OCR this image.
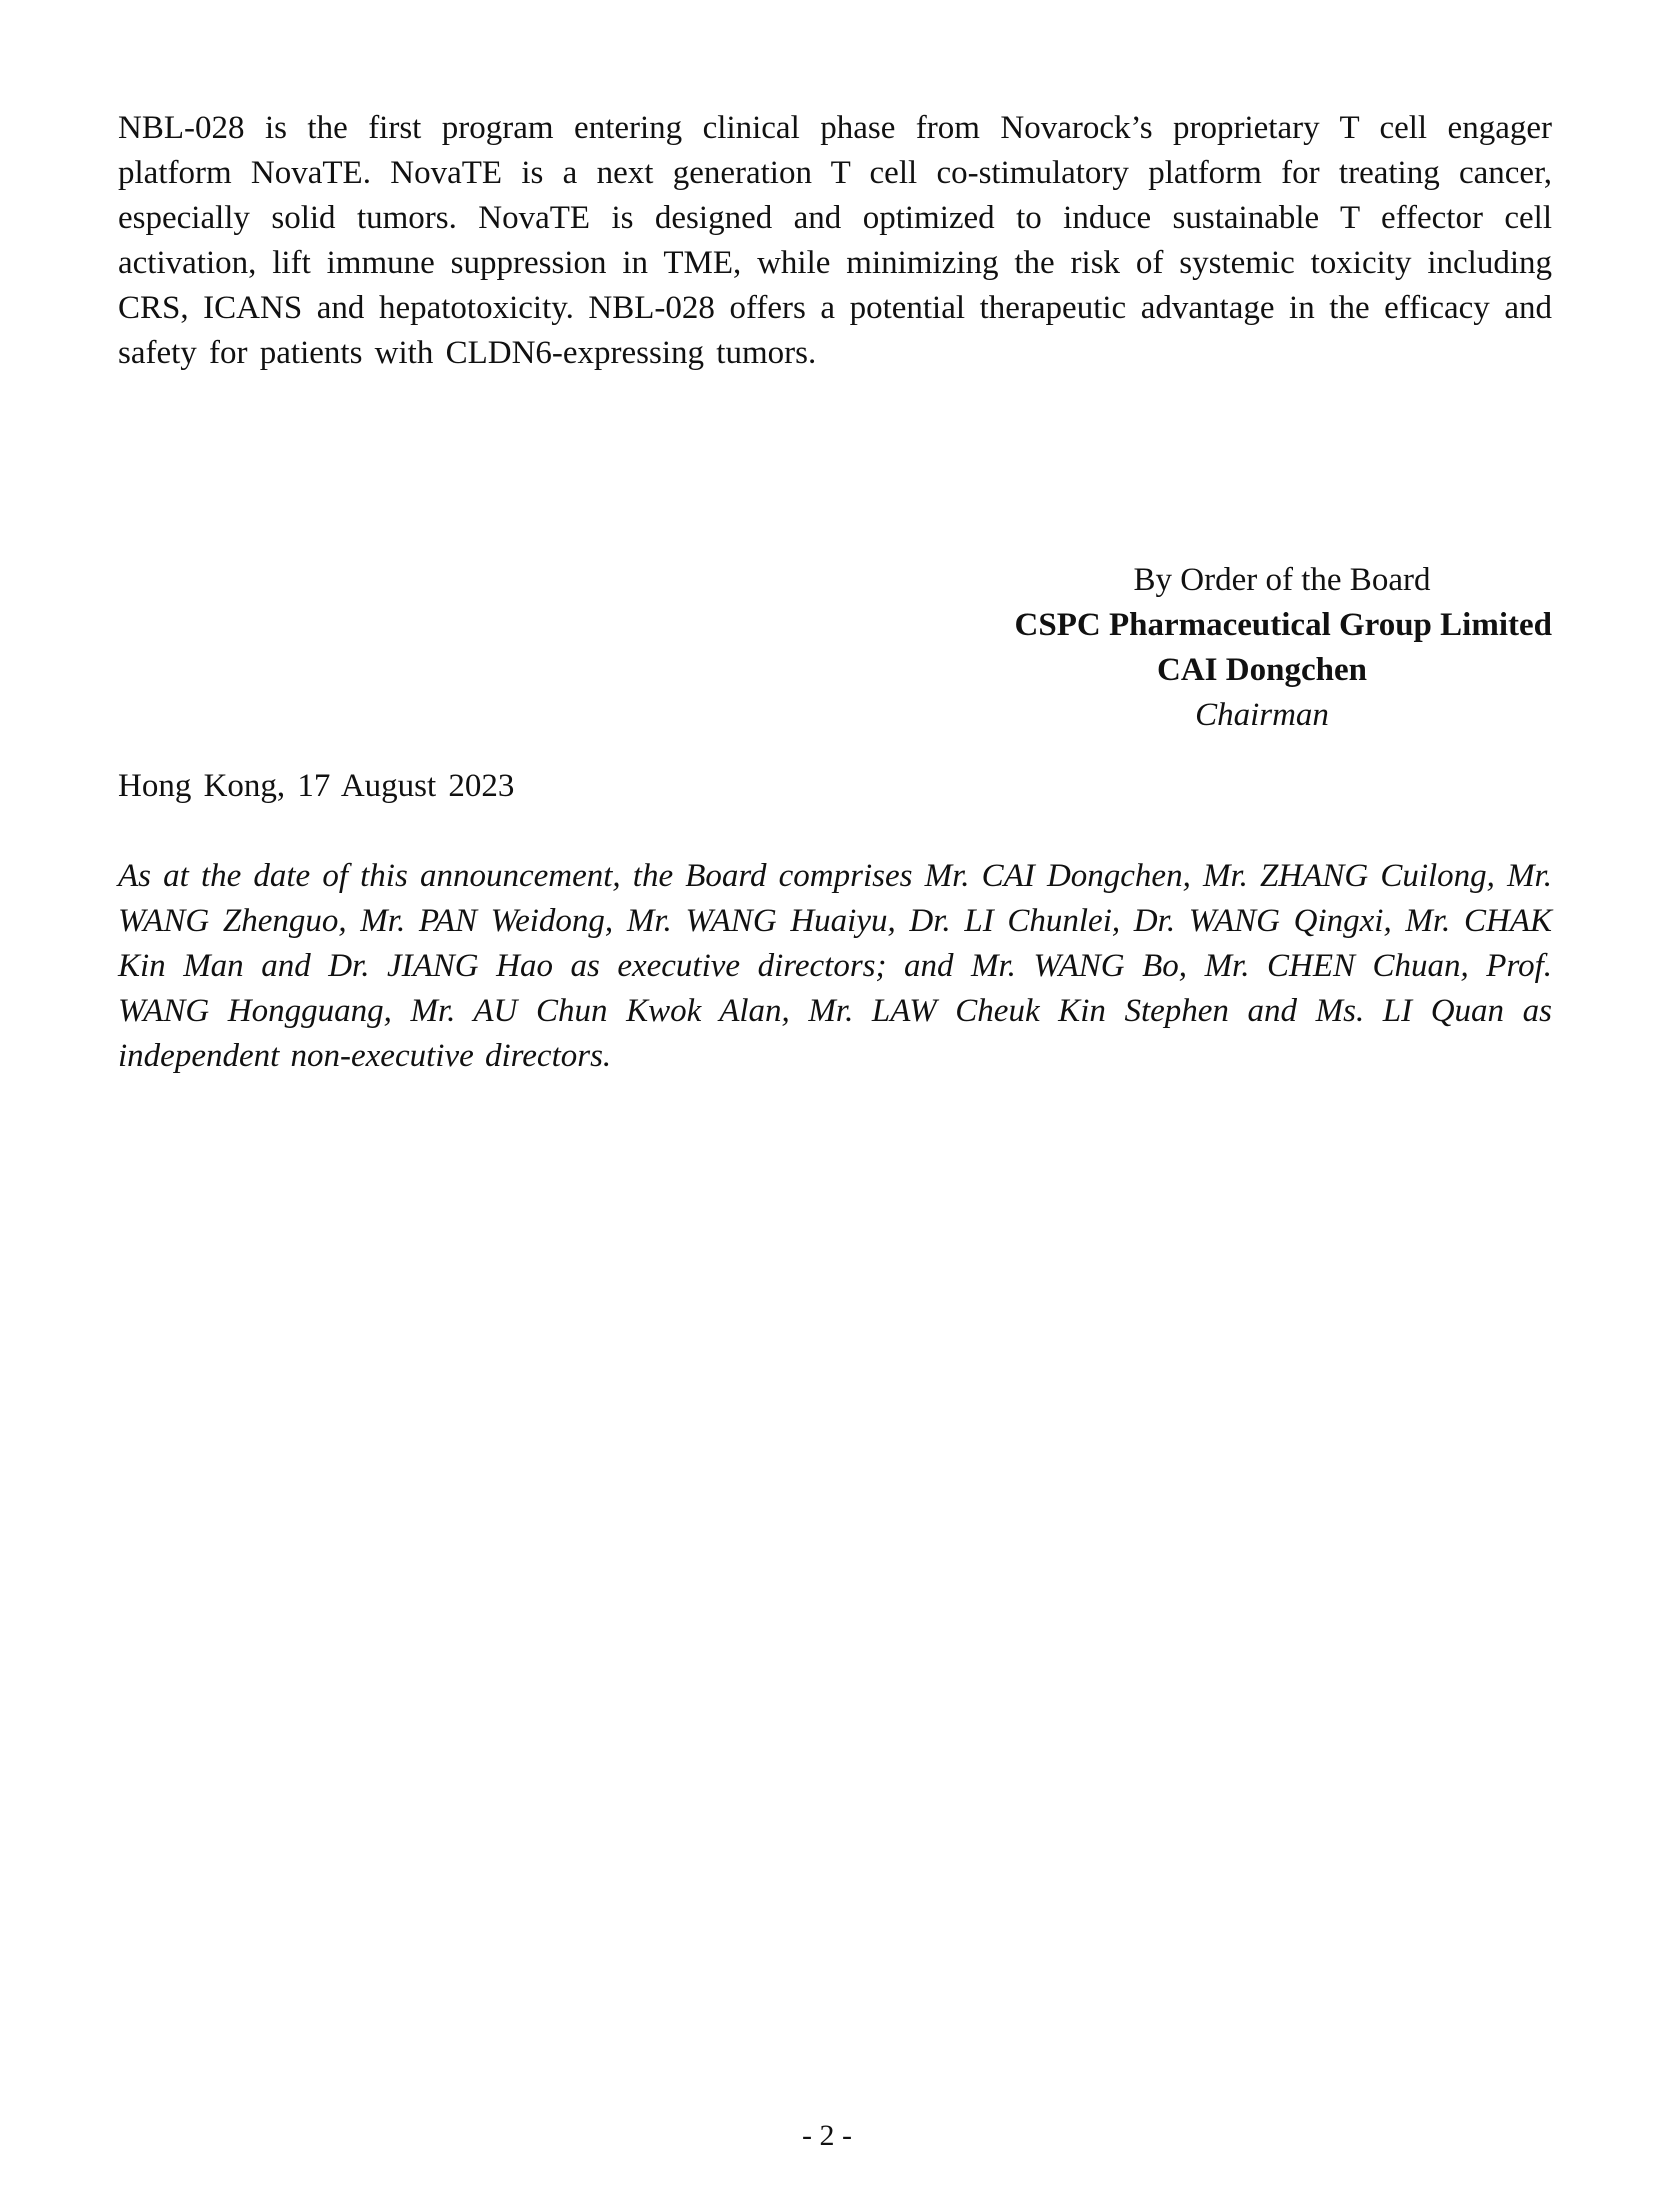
NBL-028 is the first program entering clinical phase from Novarock’s proprietary T cell engager platform NovaTE. NovaTE is a next generation T cell co-stimulatory platform for treating cancer, especially solid tumors. NovaTE is designed and optimized to induce sustainable T effector cell activation, lift immune suppression in TME, while minimizing the risk of systemic toxicity including CRS, ICANS and hepatotoxicity. NBL-028 offers a potential therapeutic advantage in the efficacy and safety for patients with CLDN6-expressing tumors.

By Order of the Board
CSPC Pharmaceutical Group Limited
CAI Dongchen
Chairman
Hong Kong, 17 August 2023

As at the date of this announcement, the Board comprises Mr. CAI Dongchen, Mr. ZHANG Cuilong, Mr. WANG Zhenguo, Mr. PAN Weidong, Mr. WANG Huaiyu, Dr. LI Chunlei, Dr. WANG Qingxi, Mr. CHAK Kin Man and Dr. JIANG Hao as executive directors; and Mr. WANG Bo, Mr. CHEN Chuan, Prof. WANG Hongguang, Mr. AU Chun Kwok Alan, Mr. LAW Cheuk Kin Stephen and Ms. LI Quan as independent non-executive directors.

- 2 -
